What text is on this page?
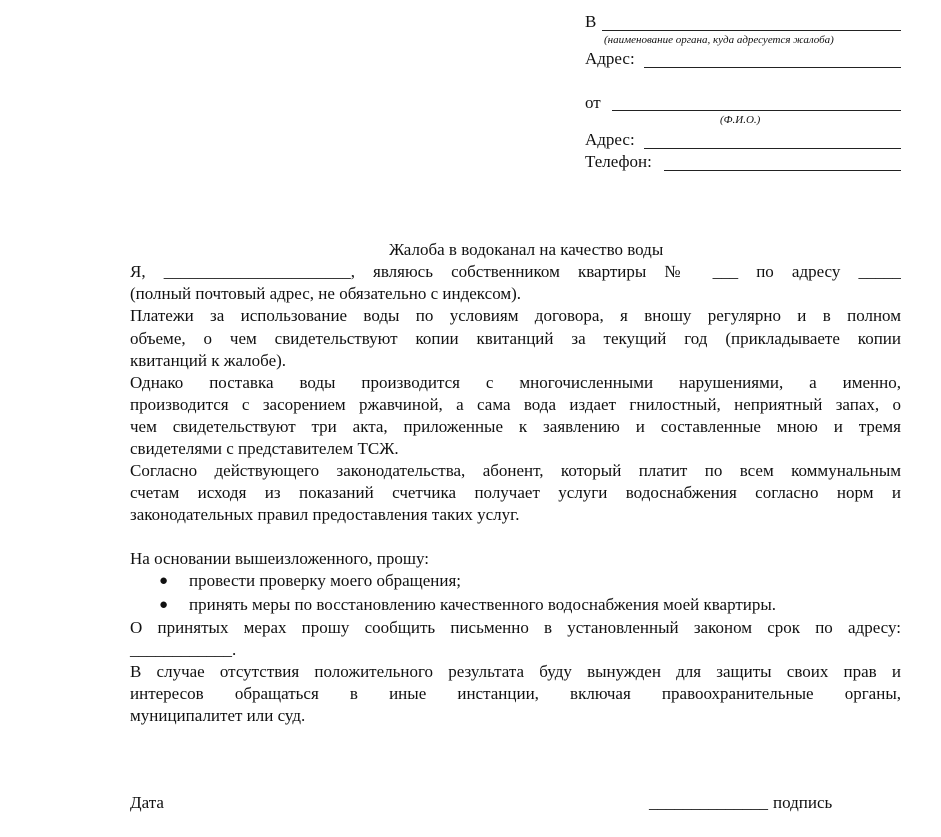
В
(наименование органа, куда адресуется жалоба)
Адрес:
от
(Ф.И.О.)
Адрес:
Телефон:
Жалоба в водоканал на качество воды
Я, ______________________, являюсь собственником квартиры № ___ по адресу _____
(полный почтовый адрес, не обязательно с индексом).
Платежи за использование воды по условиям договора, я вношу регулярно и в полном
объеме, о чем свидетельствуют копии квитанций за текущий год (прикладываете копии
квитанций к жалобе).
Однако поставка воды производится с многочисленными нарушениями, а именно,
производится с засорением ржавчиной, а сама вода издает гнилостный, неприятный запах, о
чем свидетельствуют три акта, приложенные к заявлению и составленные мною и тремя
свидетелями с представителем ТСЖ.
Согласно действующего законодательства, абонент, который платит по всем коммунальным
счетам исходя из показаний счетчика получает услуги водоснабжения согласно норм и
законодательных правил предоставления таких услуг.
На основании вышеизложенного, прошу:
● провести проверку моего обращения;
● принять меры по восстановлению качественного водоснабжения моей квартиры.
О принятых мерах прошу сообщить письменно в установленный законом срок по адресу:
____________.
В случае отсутствия положительного результата буду вынужден для защиты своих прав и
интересов обращаться в иные инстанции, включая правоохранительные органы,
муниципалитет или суд.
Дата	______________ подпись
